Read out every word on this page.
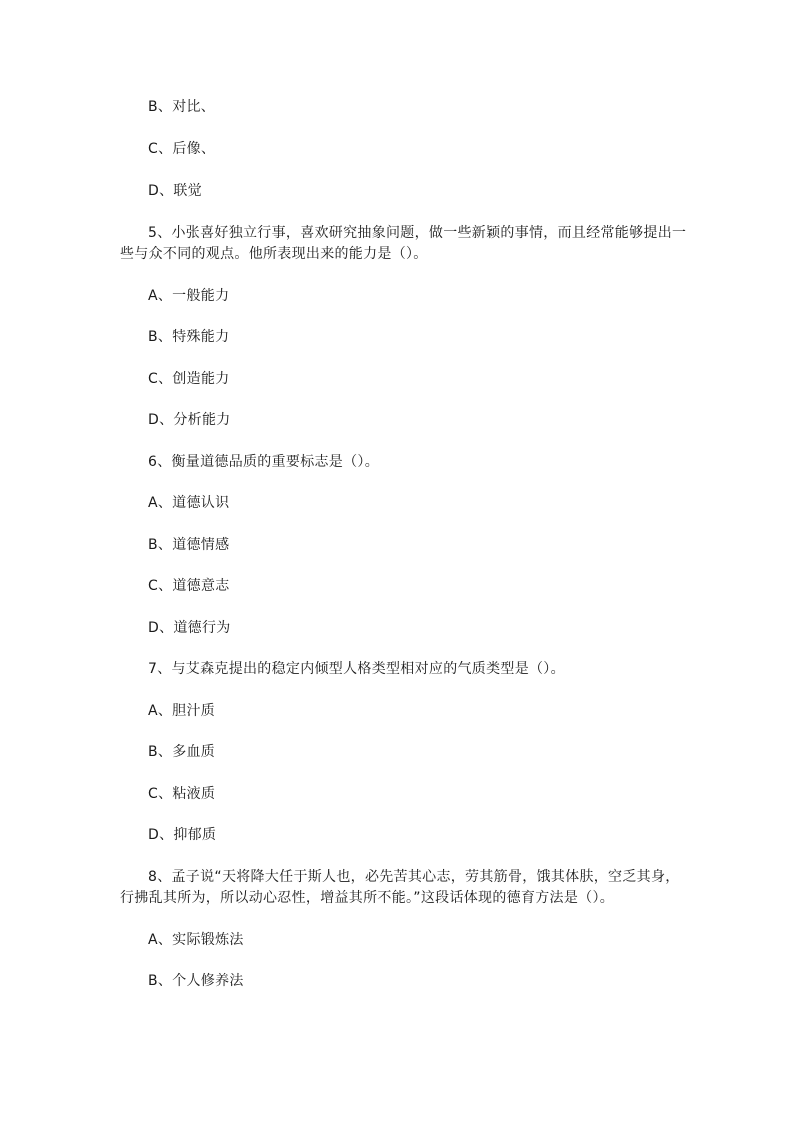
B、对比、
C、后像、
D、联觉
5、小张喜好独立行事，喜欢研究抽象问题，做一些新颖的事情，而且经常能够提出一
些与众不同的观点。他所表现出来的能力是（）。
A、一般能力
B、特殊能力
C、创造能力
D、分析能力
6、衡量道德品质的重要标志是（）。
A、道德认识
B、道德情感
C、道德意志
D、道德行为
7、与艾森克提出的稳定内倾型人格类型相对应的气质类型是（）。
A、胆汁质
B、多血质
C、粘液质
D、抑郁质
8、孟子说“天将降大任于斯人也，必先苦其心志，劳其筋骨，饿其体肤，空乏其身，
行拂乱其所为，所以动心忍性，增益其所不能。”这段话体现的德育方法是（）。
A、实际锻炼法
B、个人修养法
